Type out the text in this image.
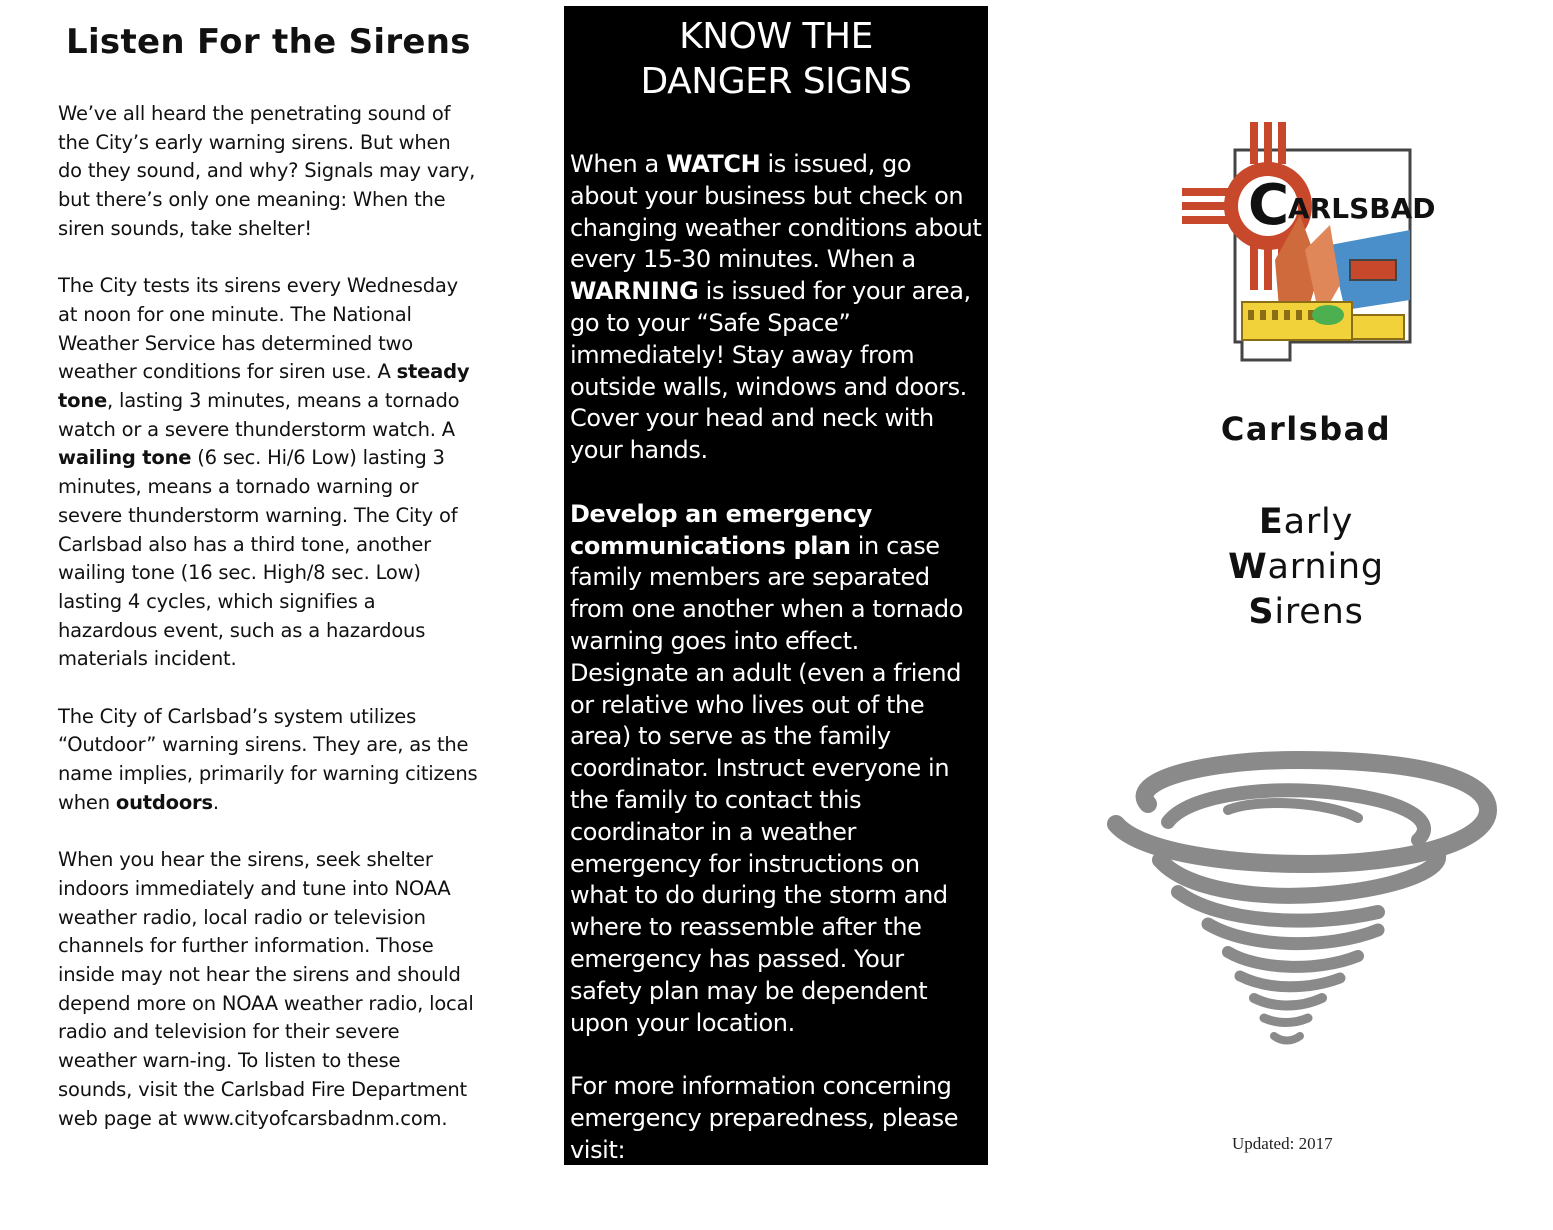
Listen For the Sirens

We’ve all heard the penetrating sound of the City’s early warning sirens. But when do they sound, and why? Signals may vary, but there’s only one meaning: When the siren sounds, take shelter!

The City tests its sirens every Wednesday at noon for one minute. The National Weather Service has determined two weather conditions for siren use. A steady tone, lasting 3 minutes, means a tornado watch or a severe thunderstorm watch. A wailing tone (6 sec. Hi/6 Low) lasting 3 minutes, means a tornado warning or severe thunderstorm warning. The City of Carlsbad also has a third tone, another wailing tone (16 sec. High/8 sec. Low) lasting 4 cycles, which signifies a hazardous event, such as a hazardous materials incident.

The City of Carlsbad’s system utilizes “Outdoor” warning sirens. They are, as the name implies, primarily for warning citizens when outdoors.

When you hear the sirens, seek shelter indoors immediately and tune into NOAA weather radio, local radio or television channels for further information. Those inside may not hear the sirens and should depend more on NOAA weather radio, local radio and television for their severe weather warn-ing. To listen to these sounds, visit the Carlsbad Fire Department web page at www.cityofcarsbadnm.com.

KNOW THE
DANGER SIGNS

When a WATCH is issued, go about your business but check on changing weather conditions about every 15-30 minutes. When a WARNING is issued for your area, go to your “Safe Space” immediately! Stay away from outside walls, windows and doors. Cover your head and neck with your hands.

Develop an emergency communications plan in case family members are separated from one another when a tornado warning goes into effect. Designate an adult (even a friend or relative who lives out of the area) to serve as the family coordinator. Instruct everyone in the family to contact this coordinator in a weather emergency for instructions on what to do during the storm and where to reassemble after the emergency has passed. Your safety plan may be dependent upon your location.

For more information concerning emergency preparedness, please visit:
https://www.ready.gov/are-you-ready-guide

C
ARLSBAD
Carlsbad
Early
Warning
Sirens
Updated: 2017
